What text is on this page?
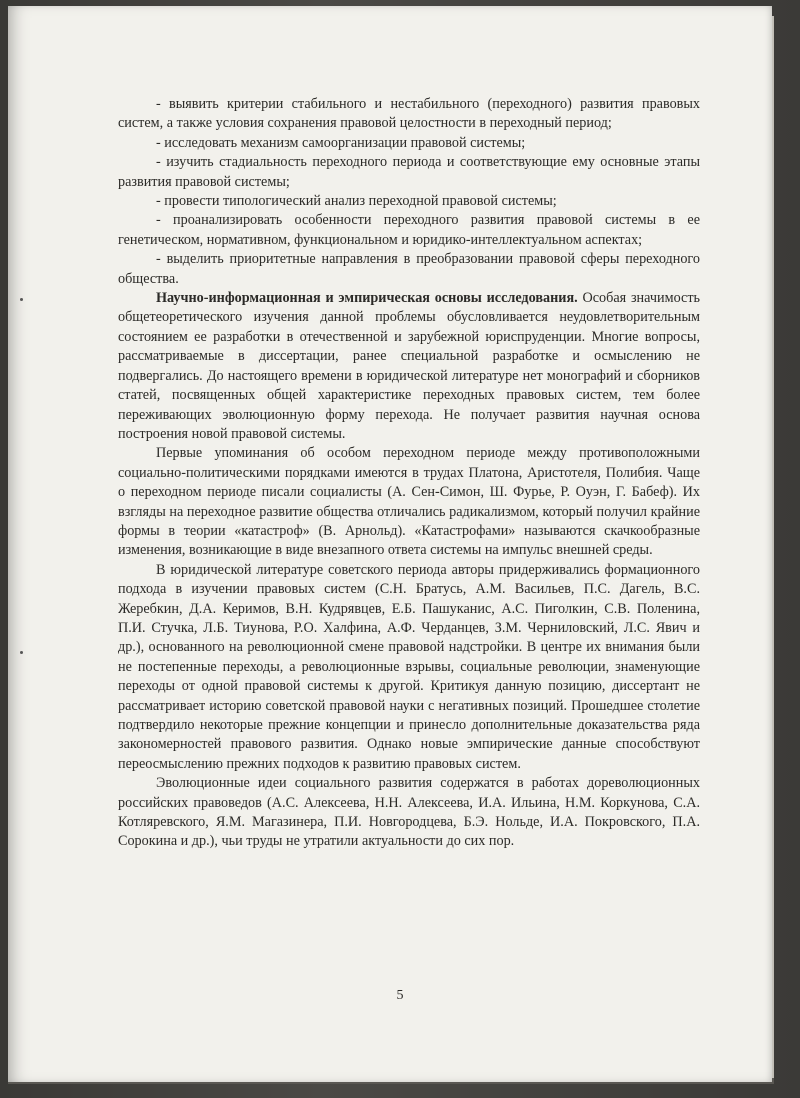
- выявить критерии стабильного и нестабильного (переходного) развития правовых систем, а также условия сохранения правовой целостности в переходный период;

- исследовать механизм самоорганизации правовой системы;

- изучить стадиальность переходного периода и соответствующие ему основные этапы развития правовой системы;

- провести типологический анализ переходной правовой системы;

- проанализировать особенности переходного развития правовой системы в ее генетическом, нормативном, функциональном и юридико-интеллектуальном аспектах;

- выделить приоритетные направления в преобразовании правовой сферы переходного общества.

Научно-информационная и эмпирическая основы исследования. Особая значимость общетеоретического изучения данной проблемы обусловливается неудовлетворительным состоянием ее разработки в отечественной и зарубежной юриспруденции. Многие вопросы, рассматриваемые в диссертации, ранее специальной разработке и осмыслению не подвергались. До настоящего времени в юридической литературе нет монографий и сборников статей, посвященных общей характеристике переходных правовых систем, тем более переживающих эволюционную форму перехода. Не получает развития научная основа построения новой правовой системы.

Первые упоминания об особом переходном периоде между противоположными социально-политическими порядками имеются в трудах Платона, Аристотеля, Полибия. Чаще о переходном периоде писали социалисты (А. Сен-Симон, Ш. Фурье, Р. Оуэн, Г. Бабеф). Их взгляды на переходное развитие общества отличались радикализмом, который получил крайние формы в теории «катастроф» (В. Арнольд). «Катастрофами» называются скачкообразные изменения, возникающие в виде внезапного ответа системы на импульс внешней среды.

В юридической литературе советского периода авторы придерживались формационного подхода в изучении правовых систем (С.Н. Братусь, А.М. Васильев, П.С. Дагель, В.С. Жеребкин, Д.А. Керимов, В.Н. Кудрявцев, Е.Б. Пашуканис, А.С. Пиголкин, С.В. Поленина, П.И. Стучка, Л.Б. Тиунова, Р.О. Халфина, А.Ф. Черданцев, З.М. Черниловский, Л.С. Явич и др.), основанного на революционной смене правовой надстройки. В центре их внимания были не постепенные переходы, а революционные взрывы, социальные революции, знаменующие переходы от одной правовой системы к другой. Критикуя данную позицию, диссертант не рассматривает историю советской правовой науки с негативных позиций. Прошедшее столетие подтвердило некоторые прежние концепции и принесло дополнительные доказательства ряда закономерностей правового развития. Однако новые эмпирические данные способствуют переосмыслению прежних подходов к развитию правовых систем.

Эволюционные идеи социального развития содержатся в работах дореволюционных российских правоведов (А.С. Алексеева, Н.Н. Алексеева, И.А. Ильина, Н.М. Коркунова, С.А. Котляревского, Я.М. Магазинера, П.И. Новгородцева, Б.Э. Нольде, И.А. Покровского, П.А. Сорокина и др.), чьи труды не утратили актуальности до сих пор.

5
